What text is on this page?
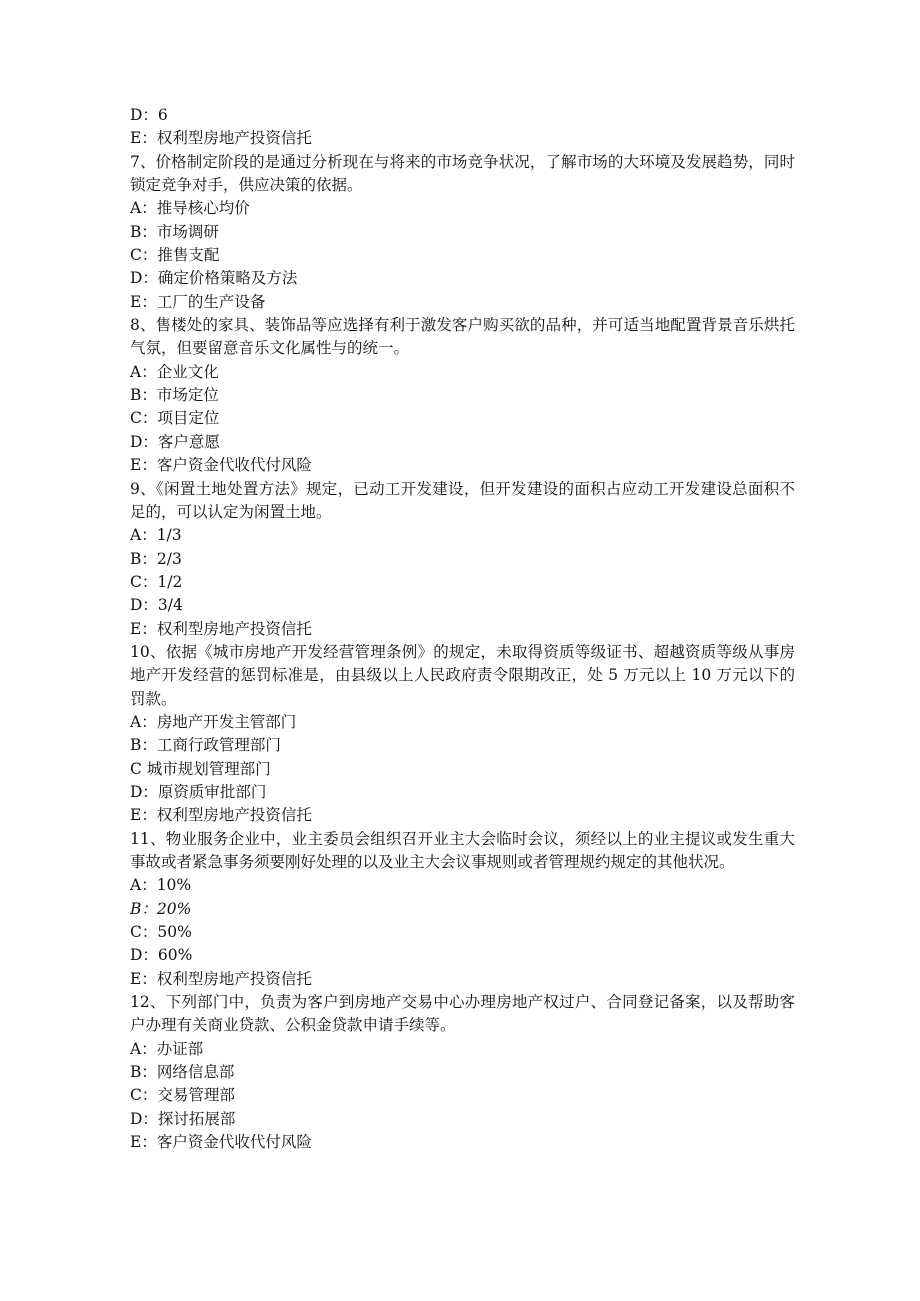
D：6
E：权利型房地产投资信托
7、价格制定阶段的是通过分析现在与将来的市场竞争状况，了解市场的大环境及发展趋势，同时锁定竞争对手，供应决策的依据。
A：推导核心均价
B：市场调研
C：推售支配
D：确定价格策略及方法
E：工厂的生产设备
8、售楼处的家具、装饰品等应选择有利于激发客户购买欲的品种，并可适当地配置背景音乐烘托气氛，但要留意音乐文化属性与的统一。
A：企业文化
B：市场定位
C：项目定位
D：客户意愿
E：客户资金代收代付风险
9、《闲置土地处置方法》规定，已动工开发建设，但开发建设的面积占应动工开发建设总面积不足的，可以认定为闲置土地。
A：1/3
B：2/3
C：1/2
D：3/4
E：权利型房地产投资信托
10、依据《城市房地产开发经营管理条例》的规定，未取得资质等级证书、超越资质等级从事房地产开发经营的惩罚标准是，由县级以上人民政府责令限期改正，处 5 万元以上 10 万元以下的罚款。
A：房地产开发主管部门
B：工商行政管理部门
C 城市规划管理部门
D：原资质审批部门
E：权利型房地产投资信托
11、物业服务企业中，业主委员会组织召开业主大会临时会议，须经以上的业主提议或发生重大事故或者紧急事务须要刚好处理的以及业主大会议事规则或者管理规约规定的其他状况。
A：10%
B：20%
C：50%
D：60%
E：权利型房地产投资信托
12、下列部门中，负责为客户到房地产交易中心办理房地产权过户、合同登记备案，以及帮助客户办理有关商业贷款、公积金贷款申请手续等。
A：办证部
B：网络信息部
C：交易管理部
D：探讨拓展部
E：客户资金代收代付风险
